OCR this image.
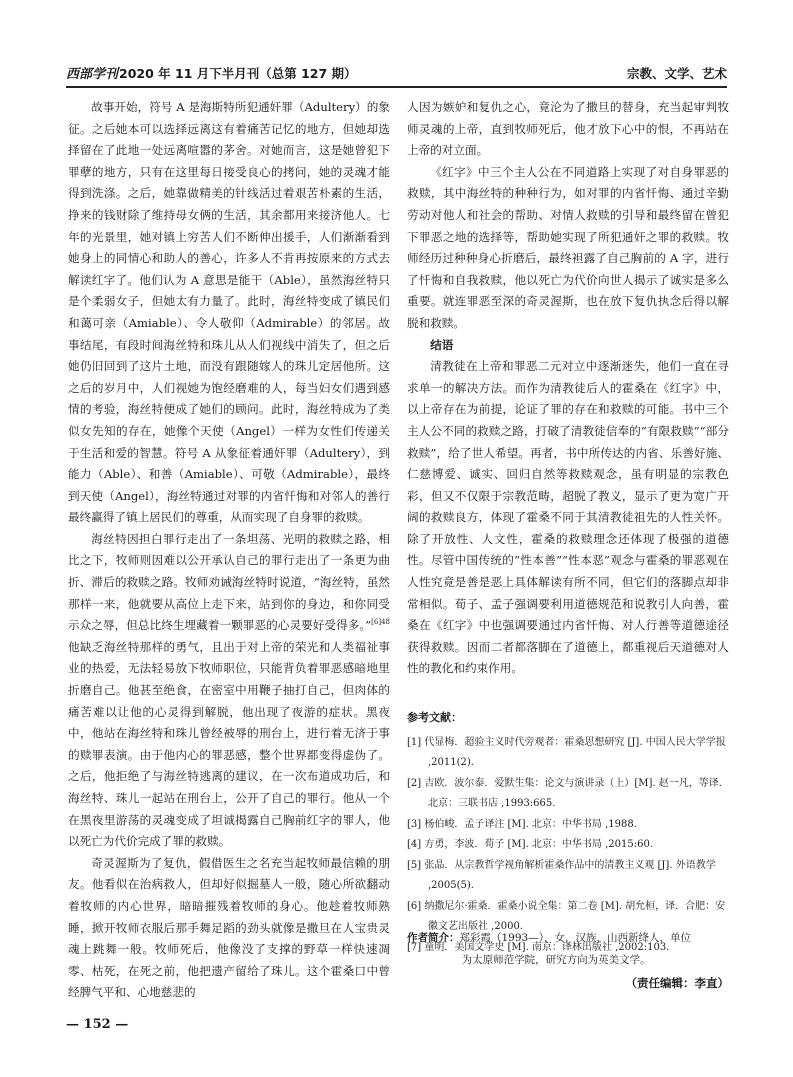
西部学刊2020 年 11 月下半月刊（总第 127 期）	宗教、文学、艺术

故事开始，符号 A 是海斯特所犯通奸罪（Adultery）的象征。之后她本可以选择远离这有着痛苦记忆的地方，但她却选择留在了此地一处远离喧嚣的茅舍。对她而言，这是她曾犯下罪孽的地方，只有在这里每日接受良心的拷问，她的灵魂才能得到洗涤。之后，她靠做精美的针线活过着艰苦朴素的生活，挣来的钱财除了维持母女俩的生活，其余都用来接济他人。七年的光景里，她对镇上穷苦人们不断伸出援手，人们渐渐看到她身上的同情心和助人的善心，许多人不肯再按原来的方式去解读红字了。他们认为 A 意思是能干（Able），虽然海丝特只是个柔弱女子，但她太有力量了。此时，海丝特变成了镇民们和蔼可亲（Amiable）、令人敬仰（Admirable）的邻居。故事结尾，有段时间海丝特和珠儿从人们视线中消失了，但之后她仍旧回到了这片土地，而没有跟随嫁人的珠儿定居他所。这之后的岁月中，人们视她为饱经磨难的人，每当妇女们遇到感情的考验，海丝特便成了她们的顾问。此时，海丝特成为了类似女先知的存在，她像个天使（Angel）一样为女性们传递关于生活和爱的智慧。符号 A 从象征着通奸罪（Adultery），到能力（Able）、和善（Amiable）、可敬（Admirable），最终到天使（Angel），海丝特通过对罪的内省忏悔和对邻人的善行最终赢得了镇上居民们的尊重，从而实现了自身罪的救赎。

海丝特因担白罪行走出了一条坦荡、光明的救赎之路，相比之下，牧师则因难以公开承认自己的罪行走出了一条更为曲折、滞后的救赎之路。牧师劝诫海丝特时说道，“海丝特，虽然那样一来，他就要从高位上走下来，站到你的身边，和你同受示众之辱，但总比终生埋藏着一颗罪恶的心灵要好受得多。”$^{[6]48}$他缺乏海丝特那样的勇气，且出于对上帝的荣光和人类福祉事业的热爱，无法轻易放下牧师职位，只能背负着罪恶感暗地里折磨自己。他甚至绝食，在密室中用鞭子抽打自己，但肉体的痛苦难以让他的心灵得到解脱，他出现了夜游的症状。黑夜中，他站在海丝特和珠儿曾经被辱的刑台上，进行着无济于事的赎罪表演。由于他内心的罪恶感，整个世界都变得虚伪了。之后，他拒绝了与海丝特逃离的建议，在一次布道成功后，和海丝特、珠儿一起站在刑台上，公开了自己的罪行。他从一个在黑夜里游荡的灵魂变成了坦诚揭露自己胸前红字的罪人，他以死亡为代价完成了罪的救赎。

奇灵渥斯为了复仇，假借医生之名充当起牧师最信赖的朋友。他看似在治病救人，但却好似掘墓人一般，随心所欲翻动着牧师的内心世界，暗暗摧残着牧师的身心。他趁着牧师熟睡，掀开牧师衣服后那手舞足蹈的劲头就像是撒旦在人宝贵灵魂上跳舞一般。牧师死后，他像没了支撑的野草一样快速凋零、枯死，在死之前，他把遗产留给了珠儿。这个霍桑口中曾经脾气平和、心地慈悲的

人因为嫉妒和复仇之心，竟沦为了撒旦的替身，充当起审判牧师灵魂的上帝，直到牧师死后，他才放下心中的恨，不再站在上帝的对立面。

《红字》中三个主人公在不同道路上实现了对自身罪恶的救赎，其中海丝特的种种行为，如对罪的内省忏悔、通过辛勤劳动对他人和社会的帮助、对情人救赎的引导和最终留在曾犯下罪恶之地的选择等，帮助她实现了所犯通奸之罪的救赎。牧师经历过种种身心折磨后，最终袒露了自己胸前的 A 字，进行了忏悔和自我救赎，他以死亡为代价向世人揭示了诚实是多么重要。就连罪恶至深的奇灵渥斯，也在放下复仇执念后得以解脱和救赎。

结语

清教徒在上帝和罪恶二元对立中逐渐迷失，他们一直在寻求单一的解决方法。而作为清教徒后人的霍桑在《红字》中，以上帝存在为前提，论证了罪的存在和救赎的可能。书中三个主人公不同的救赎之路，打破了清教徒信奉的“有限救赎”“部分救赎”，给了世人希望。再者，书中所传达的内省、乐善好施、仁慈博爱、诚实、回归自然等救赎观念，虽有明显的宗教色彩，但又不仅限于宗教范畴，超脱了教义，显示了更为宽广开阔的救赎良方，体现了霍桑不同于其清教徒祖先的人性关怀。除了开放性、人文性，霍桑的救赎理念还体现了极强的道德性。尽管中国传统的“性本善”“性本恶”观念与霍桑的罪恶观在人性究竟是善是恶上具体解读有所不同，但它们的落脚点却非常相似。荀子、孟子强调要利用道德规范和说教引人向善，霍桑在《红字》中也强调要通过内省忏悔、对人行善等道德途径获得救赎。因而二者都落脚在了道德上，都重视后天道德对人性的教化和约束作用。

参考文献：

[1] 代显梅．超验主义时代旁观者：霍桑思想研究 [J]. 中国人民大学学报 ,2011(2).

[2] 吉欧．波尔泰．爱默生集：论文与演讲录（上）[M]. 赵一凡，等译．北京：三联书店 ,1993:665.

[3] 杨伯峻．孟子译注 [M]. 北京：中华书局 ,1988.

[4] 方勇，李波．荀子 [M]. 北京：中华书局 ,2015:60.

[5] 张晶．从宗教哲学视角解析霍桑作品中的清教主义观 [J]. 外语教学 ,2005(5).

[6] 纳撒尼尔·霍桑．霍桑小说全集：第二卷 [M]. 胡允桓，译．合肥：安徽文艺出版社 ,2000.

[7] 童明．美国文学史 [M]. 南京：译林出版社 ,2002:103.

作者简介：郑彩霞（1993—），女，汉族，山西新绛人，单位
为太原师范学院，研究方向为英美文学。
（责任编辑：李直）
— 152 —
